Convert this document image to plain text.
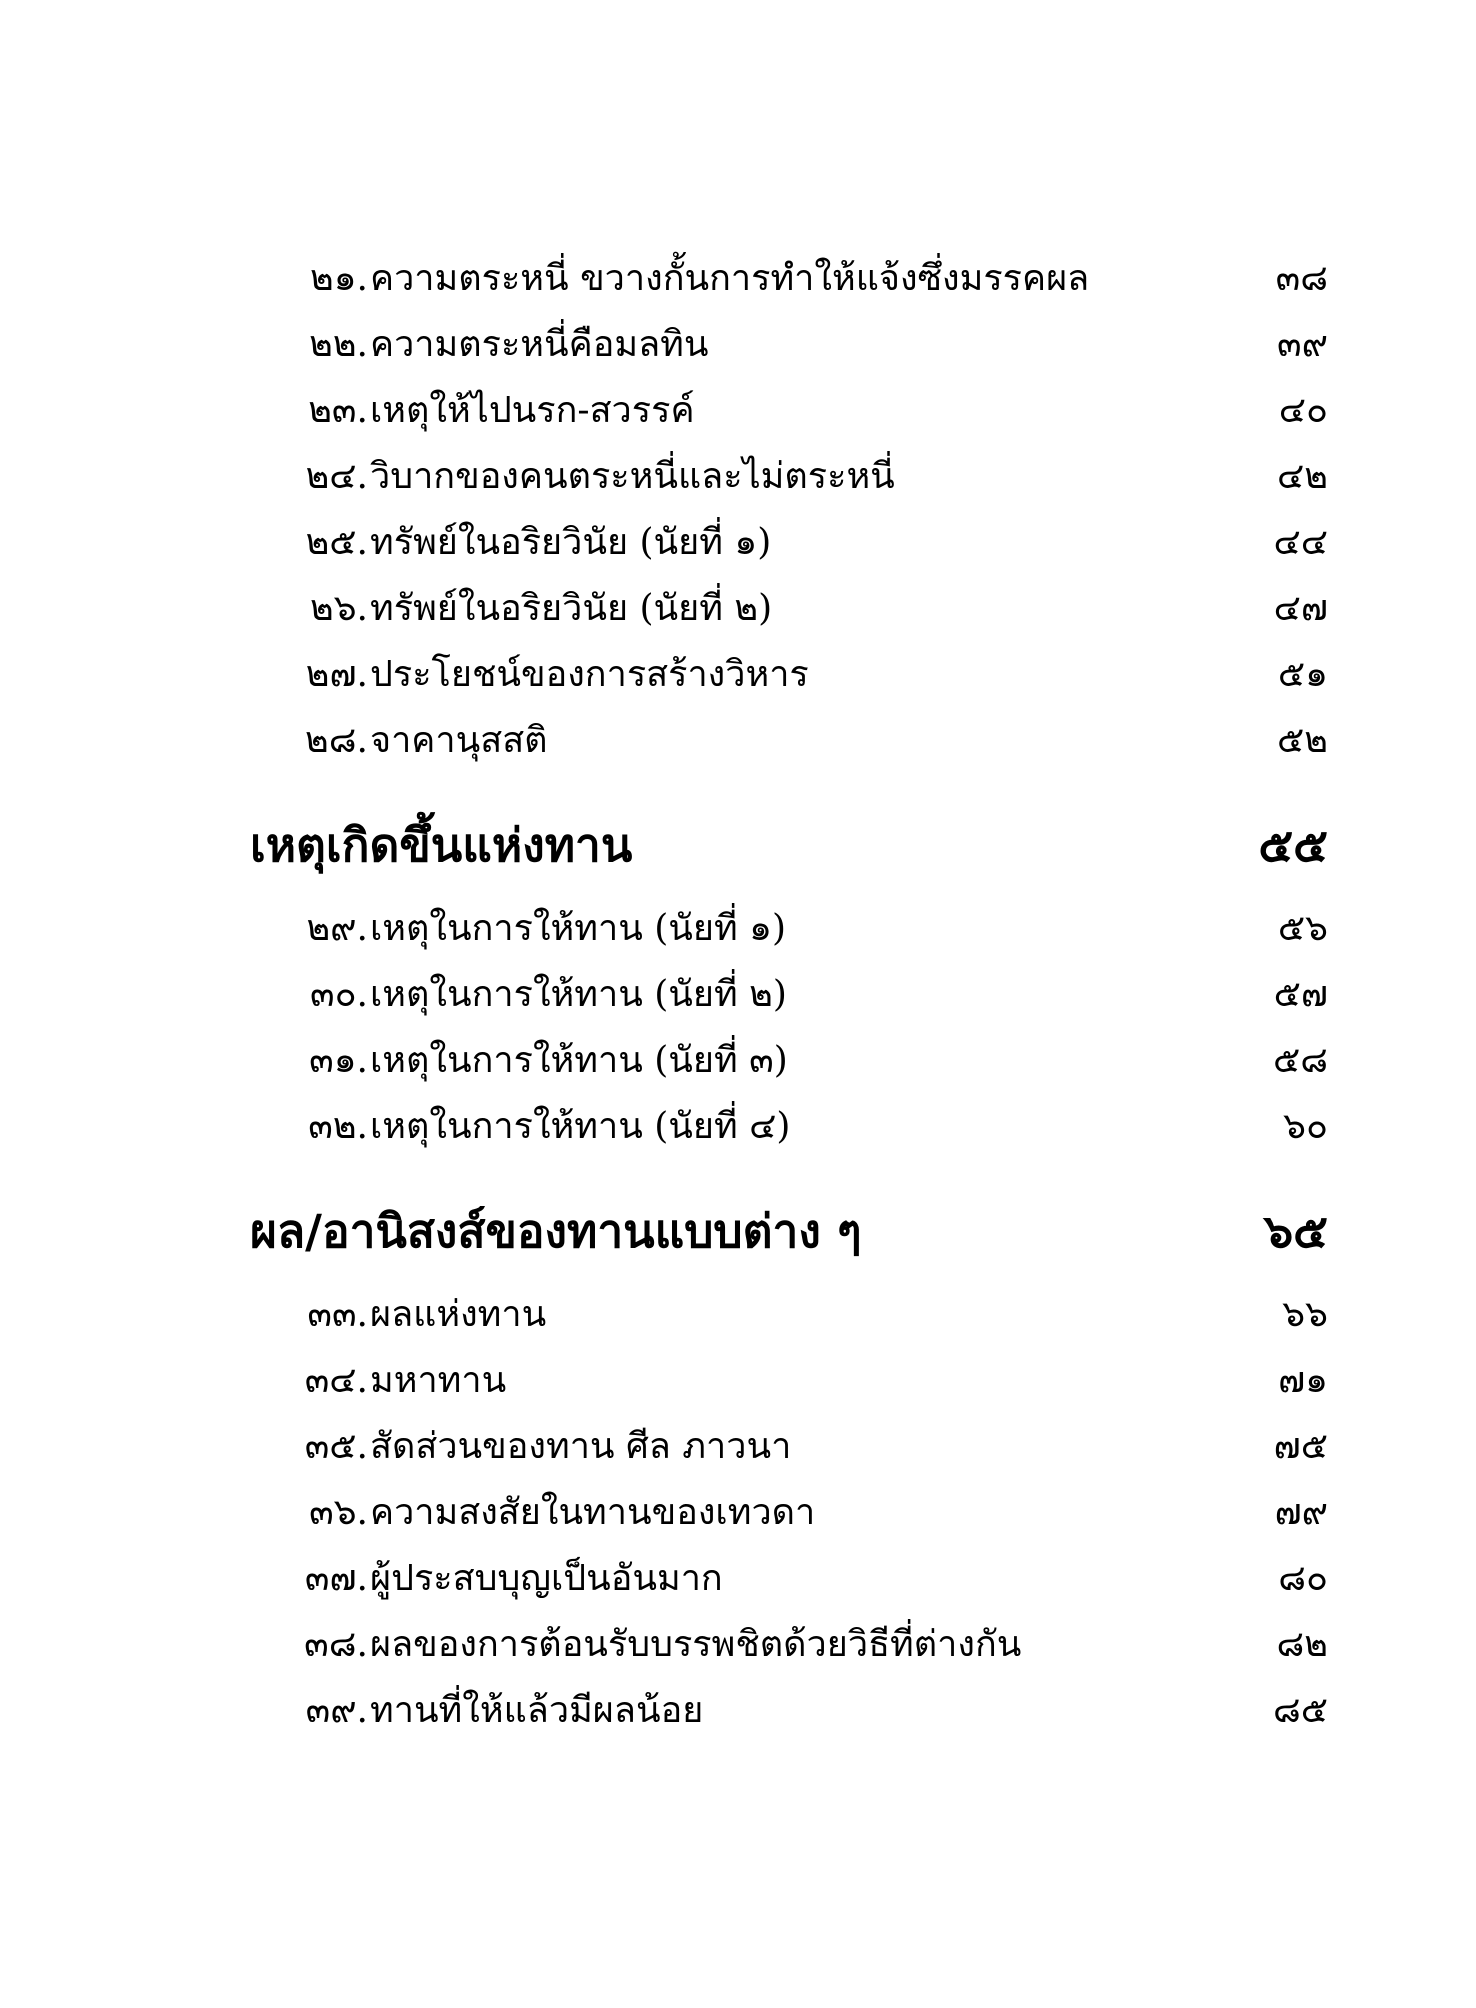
๒๑. ความตระหนี่ ขวางกั้นการทำให้แจ้งซึ่งมรรคผล	๓๘
๒๒. ความตระหนี่คือมลทิน	๓๙
๒๓. เหตุให้ไปนรก-สวรรค์	๔๐
๒๔. วิบากของคนตระหนี่และไม่ตระหนี่	๔๒
๒๕. ทรัพย์ในอริยวินัย (นัยที่ ๑)	๔๔
๒๖. ทรัพย์ในอริยวินัย (นัยที่ ๒)	๔๗
๒๗. ประโยชน์ของการสร้างวิหาร	๕๑
๒๘. จาคานุสสติ	๕๒
เหตุเกิดขึ้นแห่งทาน	๕๕
๒๙. เหตุในการให้ทาน (นัยที่ ๑)	๕๖
๓๐. เหตุในการให้ทาน (นัยที่ ๒)	๕๗
๓๑. เหตุในการให้ทาน (นัยที่ ๓)	๕๘
๓๒. เหตุในการให้ทาน (นัยที่ ๔)	๖๐
ผล/อานิสงส์ของทานแบบต่าง ๆ	๖๕
๓๓. ผลแห่งทาน	๖๖
๓๔. มหาทาน	๗๑
๓๕. สัดส่วนของทาน ศีล ภาวนา	๗๕
๓๖. ความสงสัยในทานของเทวดา	๗๙
๓๗. ผู้ประสบบุญเป็นอันมาก	๘๐
๓๘. ผลของการต้อนรับบรรพชิตด้วยวิธีที่ต่างกัน	๘๒
๓๙. ทานที่ให้แล้วมีผลน้อย	๘๕
